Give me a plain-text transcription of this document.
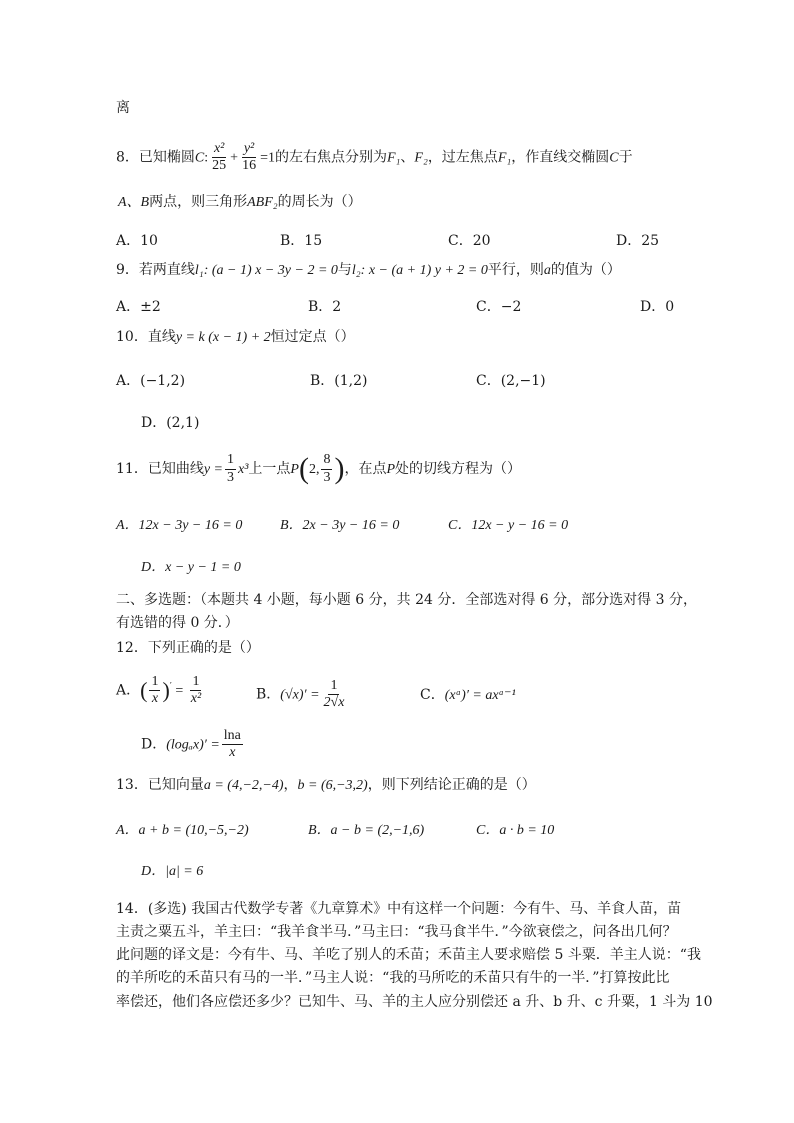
离
8．已知椭圆C: $\frac{\text{x²}}{25} + \frac{\text{y²}}{16} =1$的左右焦点分别为F₁、F₂，过左焦点F₁，作直线交椭圆C于
A、B两点，则三角形ABF₂的周长为（）
A．10	B．15	C．20	D．25
9．若两直线l₁: (a − 1) x − 3y − 2 = 0与l₂: x − (a + 1) y + 2 = 0平行，则a的值为（）
A．±2	B．2	C．−2	D．0
10．直线y = k (x − 1) + 2恒过定点（）
A．(−1,2)	B．(1,2)	C．(2,−1)
D．(2,1)
11．已知曲线$y = \frac{1}{3} x^3$上一点P(2, $\frac{8}{3}$ )，在点P处的切线方程为（）
A．12x − 3y − 16 = 0	B．2x − 3y − 16 = 0	C．12x − y − 16 = 0
D．x − y − 1 = 0
二、多选题：（本题共 4 小题，每小题 6 分，共 24 分．全部选对得 6 分，部分选对得 3 分，
有选错的得 0 分．）
12．下列正确的是（）
A．( $\frac{1}{x} )' = \frac{1}{\text{x²}}$	B．$(√x)' = \frac{1}{2√x}$	C．(xᵃ)′ = axᵃ⁻¹
D．$(\log_ax)' = \frac{\ln a}{x}$
13．已知向量a = (4,−2,−4)，b = (6,−3,2)，则下列结论正确的是（）
A．a + b = (10,−5,−2)	B．a − b = (2,−1,6)	C．a · b = 10
D．|a| = 6
14．(多选) 我国古代数学专著《九章算术》中有这样一个问题：今有牛、马、羊食人苗，苗
主责之粟五斗，羊主曰：“我羊食半马．”马主曰：“我马食半牛．”今欲衰偿之，问各出几何？
此问题的译文是：今有牛、马、羊吃了别人的禾苗；禾苗主人要求赔偿 5 斗粟．羊主人说：“我
的羊所吃的禾苗只有马的一半．”马主人说：“我的马所吃的禾苗只有牛的一半．”打算按此比
率偿还，他们各应偿还多少？已知牛、马、羊的主人应分别偿还 a 升、b 升、c 升粟，1 斗为 10
